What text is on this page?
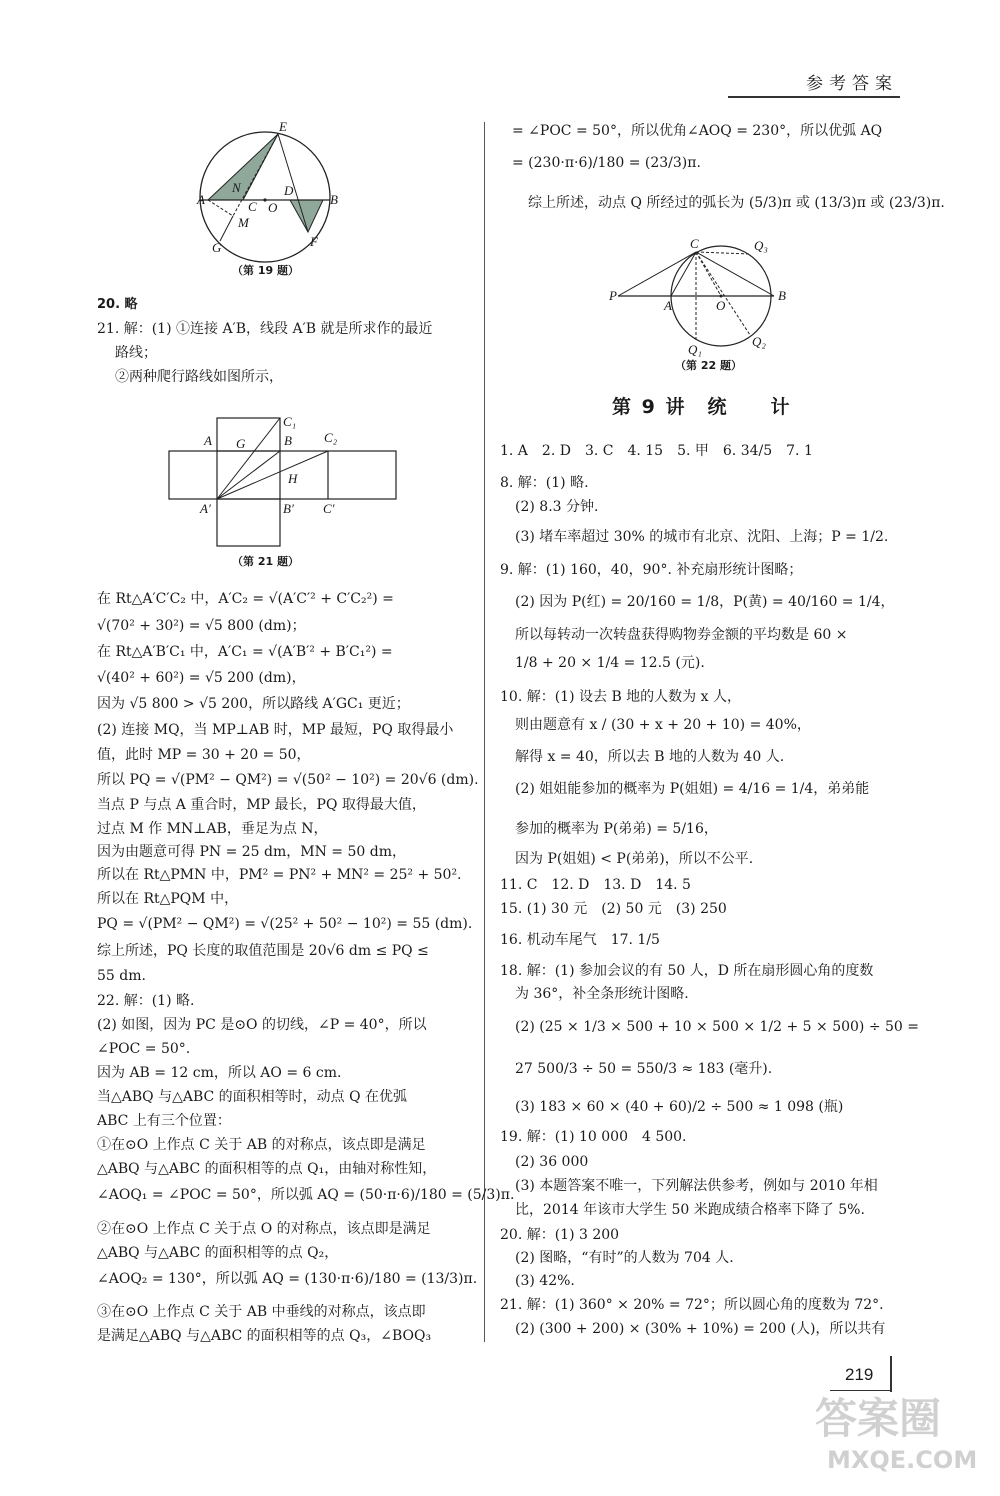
参考答案
E
N	D
A	C O
B
M
G	F
（第 19 题）
C₁
A G	B C₂
H
A′	B′ C′
（第 21 题）
C	Q₃
P
A	O
B
Q₁
Q₂
（第 22 题）
20. 略
21. 解：(1) ①连接 A′B，线段 A′B 就是所求作的最近
路线；
②两种爬行路线如图所示，
在 Rt△A′C′C₂ 中，A′C₂ = √(A′C′² + C′C₂²) =
√(70² + 30²) = √5 800 (dm)；
在 Rt△A′B′C₁ 中，A′C₁ = √(A′B′² + B′C₁²) =
√(40² + 60²) = √5 200 (dm)，
因为 √5 800 > √5 200，所以路线 A′GC₁ 更近；
(2) 连接 MQ，当 MP⊥AB 时，MP 最短，PQ 取得最小
值，此时 MP = 30 + 20 = 50，
所以 PQ = √(PM² − QM²) = √(50² − 10²) = 20√6 (dm).
当点 P 与点 A 重合时，MP 最长，PQ 取得最大值，
过点 M 作 MN⊥AB，垂足为点 N，
因为由题意可得 PN = 25 dm，MN = 50 dm，
所以在 Rt△PMN 中，PM² = PN² + MN² = 25² + 50².
所以在 Rt△PQM 中，
PQ = √(PM² − QM²) = √(25² + 50² − 10²) = 55 (dm).
综上所述，PQ 长度的取值范围是 20√6 dm ≤ PQ ≤
55 dm.
22. 解：(1) 略.
(2) 如图，因为 PC 是⊙O 的切线，∠P = 40°，所以
∠POC = 50°.
因为 AB = 12 cm，所以 AO = 6 cm.
当△ABQ 与△ABC 的面积相等时，动点 Q 在优弧
ABC 上有三个位置：
①在⊙O 上作点 C 关于 AB 的对称点，该点即是满足
△ABQ 与△ABC 的面积相等的点 Q₁，由轴对称性知，
∠AOQ₁ = ∠POC = 50°，所以弧 AQ = (50·π·6)/180 = (5/3)π.
②在⊙O 上作点 C 关于点 O 的对称点，该点即是满足
△ABQ 与△ABC 的面积相等的点 Q₂，
∠AOQ₂ = 130°，所以弧 AQ = (130·π·6)/180 = (13/3)π.
③在⊙O 上作点 C 关于 AB 中垂线的对称点，该点即
是满足△ABQ 与△ABC 的面积相等的点 Q₃，∠BOQ₃
= ∠POC = 50°，所以优角∠AOQ = 230°，所以优弧 AQ
= (230·π·6)/180 = (23/3)π.
综上所述，动点 Q 所经过的弧长为 (5/3)π 或 (13/3)π 或 (23/3)π.
第 9 讲　统　　计
1. A　2. D　3. C　4. 15　5. 甲　6. 34/5　7. 1
8. 解：(1) 略.
(2) 8.3 分钟.
(3) 堵车率超过 30% 的城市有北京、沈阳、上海；P = 1/2.
9. 解：(1) 160，40，90°. 补充扇形统计图略；
(2) 因为 P(红) = 20/160 = 1/8，P(黄) = 40/160 = 1/4，
所以每转动一次转盘获得购物券金额的平均数是 60 ×
1/8 + 20 × 1/4 = 12.5 (元).
10. 解：(1) 设去 B 地的人数为 x 人，
则由题意有 x / (30 + x + 20 + 10) = 40%，
解得 x = 40，所以去 B 地的人数为 40 人.
(2) 姐姐能参加的概率为 P(姐姐) = 4/16 = 1/4，弟弟能
参加的概率为 P(弟弟) = 5/16，
因为 P(姐姐) < P(弟弟)，所以不公平.
11. C　12. D　13. D　14. 5
15. (1) 30 元　(2) 50 元　(3) 250
16. 机动车尾气　17. 1/5
18. 解：(1) 参加会议的有 50 人，D 所在扇形圆心角的度数
为 36°，补全条形统计图略.
(2) (25 × 1/3 × 500 + 10 × 500 × 1/2 + 5 × 500) ÷ 50 =
27 500/3 ÷ 50 = 550/3 ≈ 183 (毫升).
(3) 183 × 60 × (40 + 60)/2 ÷ 500 ≈ 1 098 (瓶)
19. 解：(1) 10 000　4 500.
(2) 36 000
(3) 本题答案不唯一，下列解法供参考，例如与 2010 年相
比，2014 年该市大学生 50 米跑成绩合格率下降了 5%.
20. 解：(1) 3 200
(2) 图略，“有时”的人数为 704 人.
(3) 42%.
21. 解：(1) 360° × 20% = 72°；所以圆心角的度数为 72°.
(2) (300 + 200) × (30% + 10%) = 200 (人)，所以共有
219
答案圈
MXQE.COM
